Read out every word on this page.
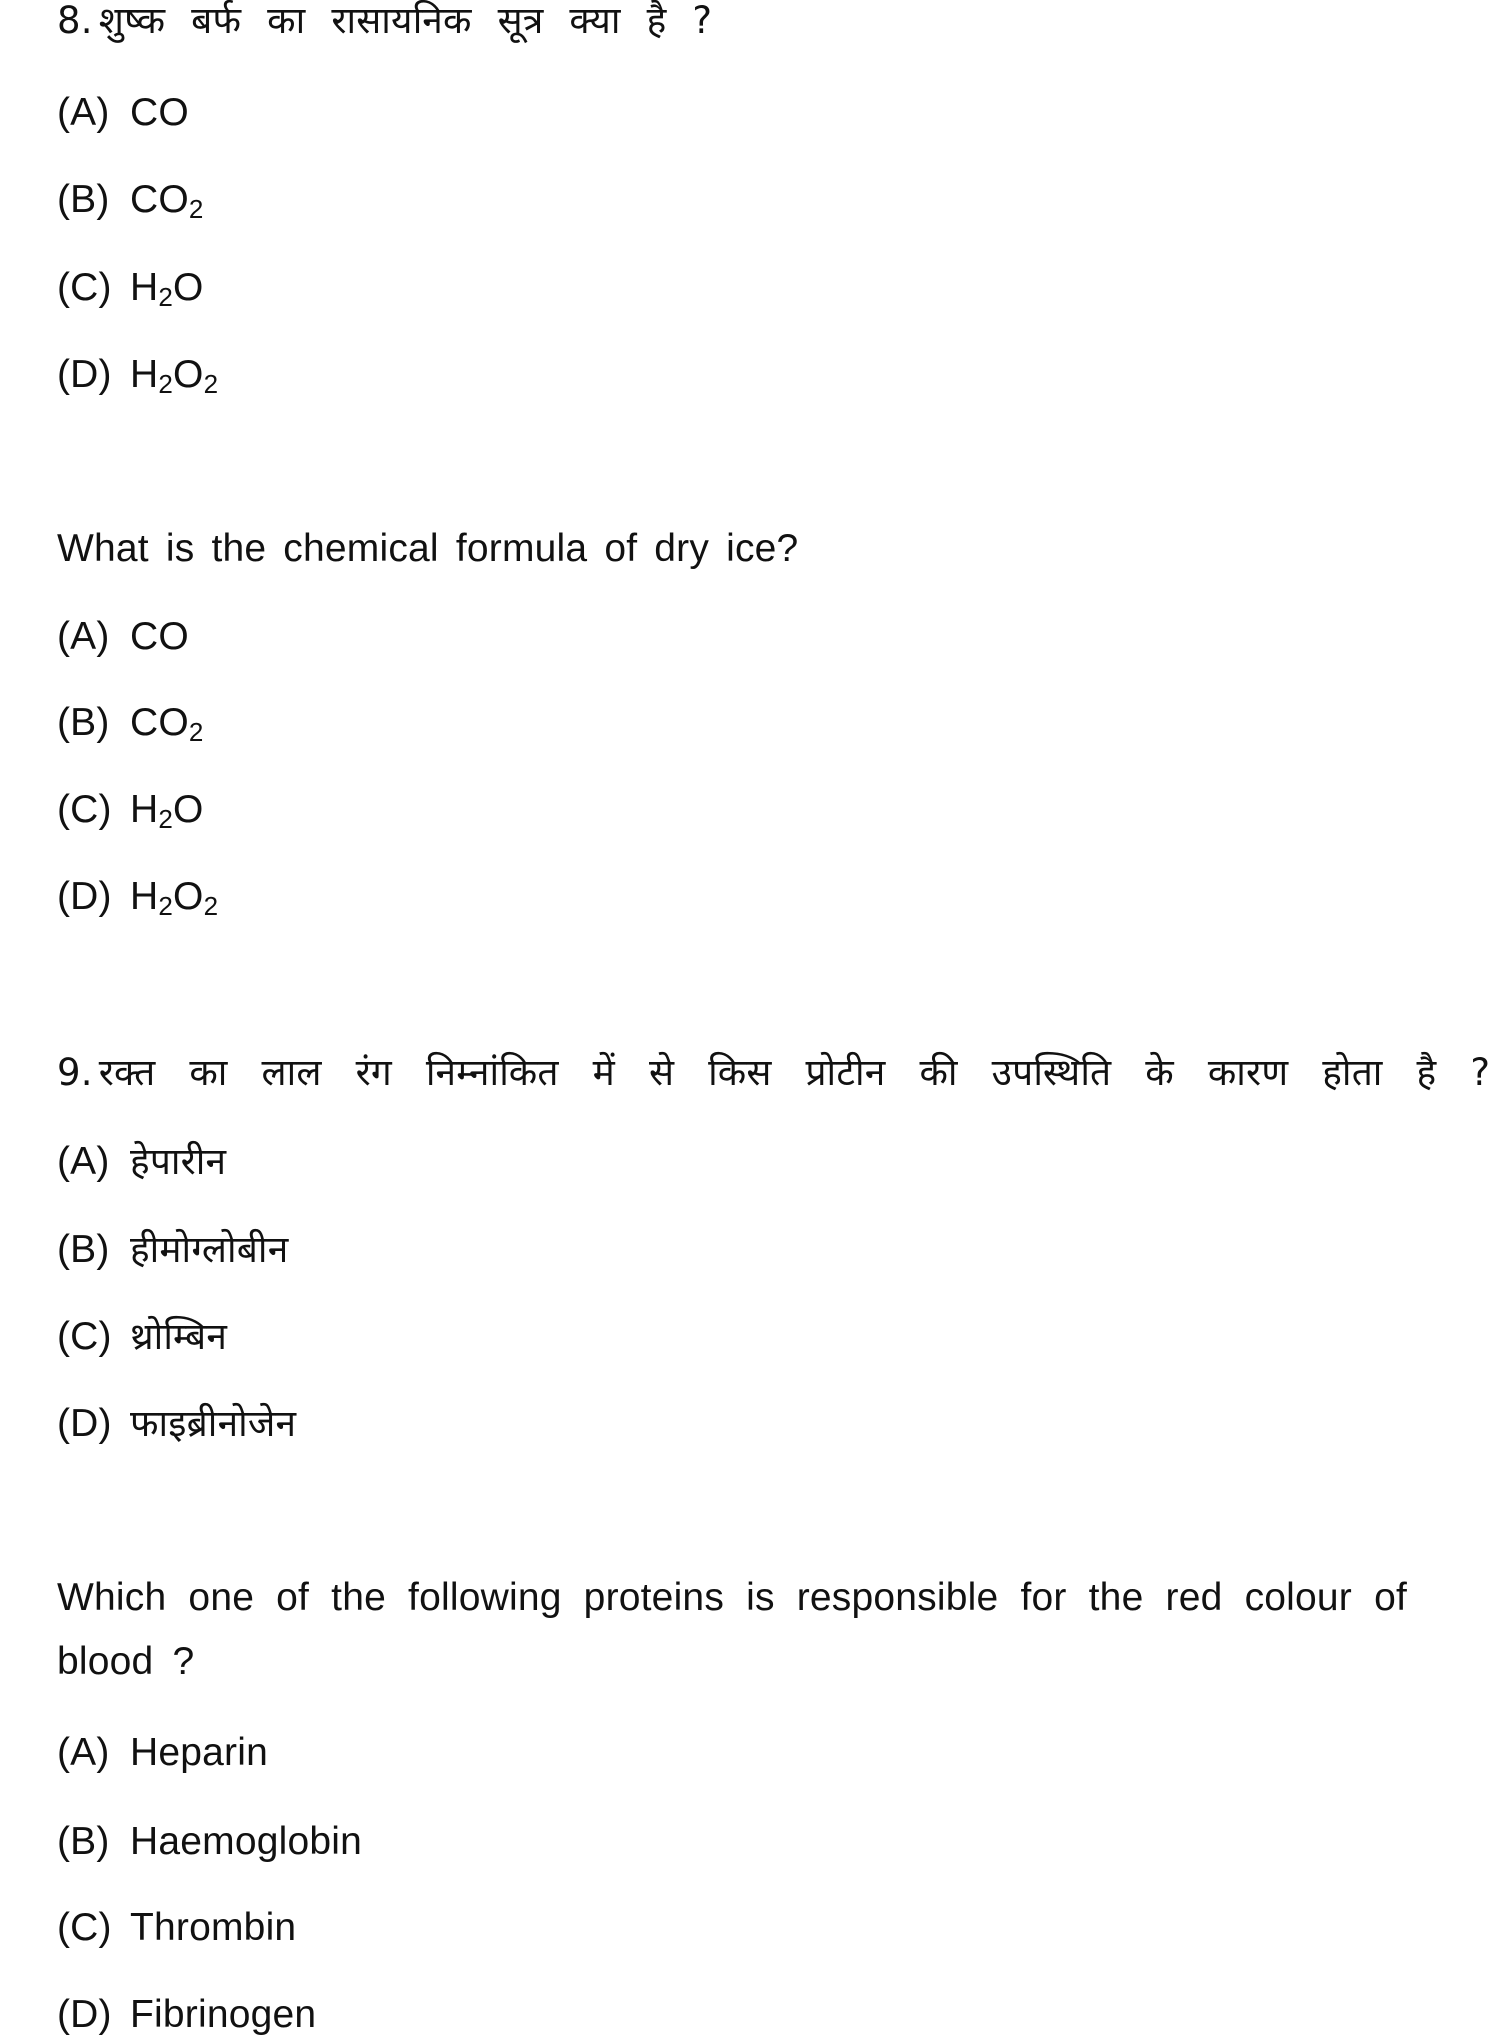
8. शुष्क बर्फ का रासायनिक सूत्र क्या है ?
(A) CO
(B) $CO_2$
(C) $H_2O$
(D) $H_2O_2$
What is the chemical formula of dry ice?
(A) CO
(B) $CO_2$
(C) $H_2O$
(D) $H_2O_2$
9. रक्त का लाल रंग निम्नांकित में से किस प्रोटीन की उपस्थिति के कारण होता है ?
(A) हेपारीन
(B) हीमोग्लोबीन
(C) थ्रोम्बिन
(D) फाइब्रीनोजेन
Which one of the following proteins is responsible for the red colour of blood ?
(A) Heparin
(B) Haemoglobin
(C) Thrombin
(D) Fibrinogen
